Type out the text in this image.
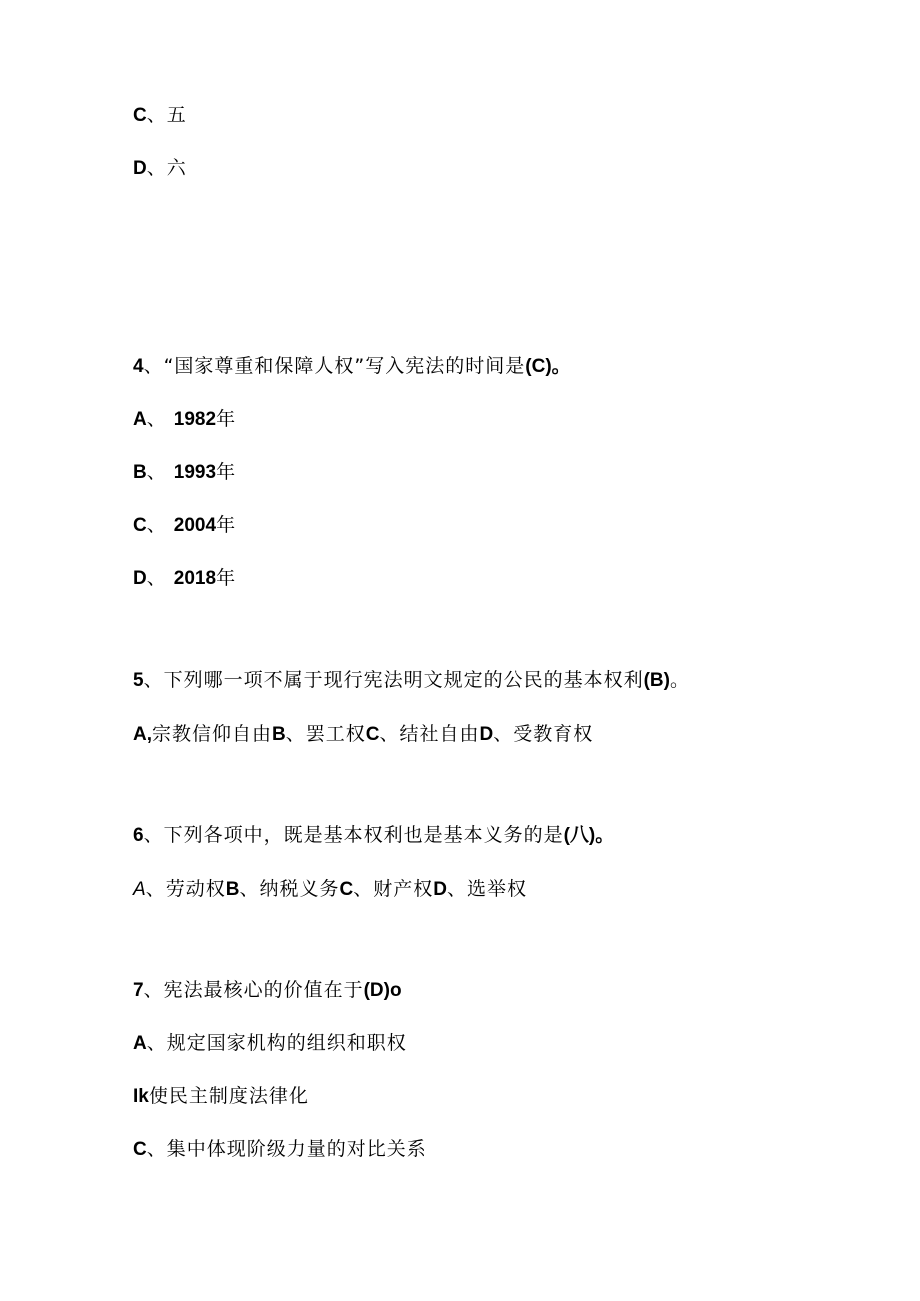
C、五
D、六
4、“国家尊重和保障人权”写入宪法的时间是(C)。
A、 1982年
B、 1993年
C、 2004年
D、 2018年
5、下列哪一项不属于现行宪法明文规定的公民的基本权利(B)。
A,宗教信仰自由B、罢工权C、结社自由D、受教育权
6、下列各项中，既是基本权利也是基本义务的是(八)。
A、劳动权B、纳税义务C、财产权D、选举权
7、宪法最核心的价值在于(D)o
A、规定国家机构的组织和职权
Ik使民主制度法律化
C、集中体现阶级力量的对比关系
